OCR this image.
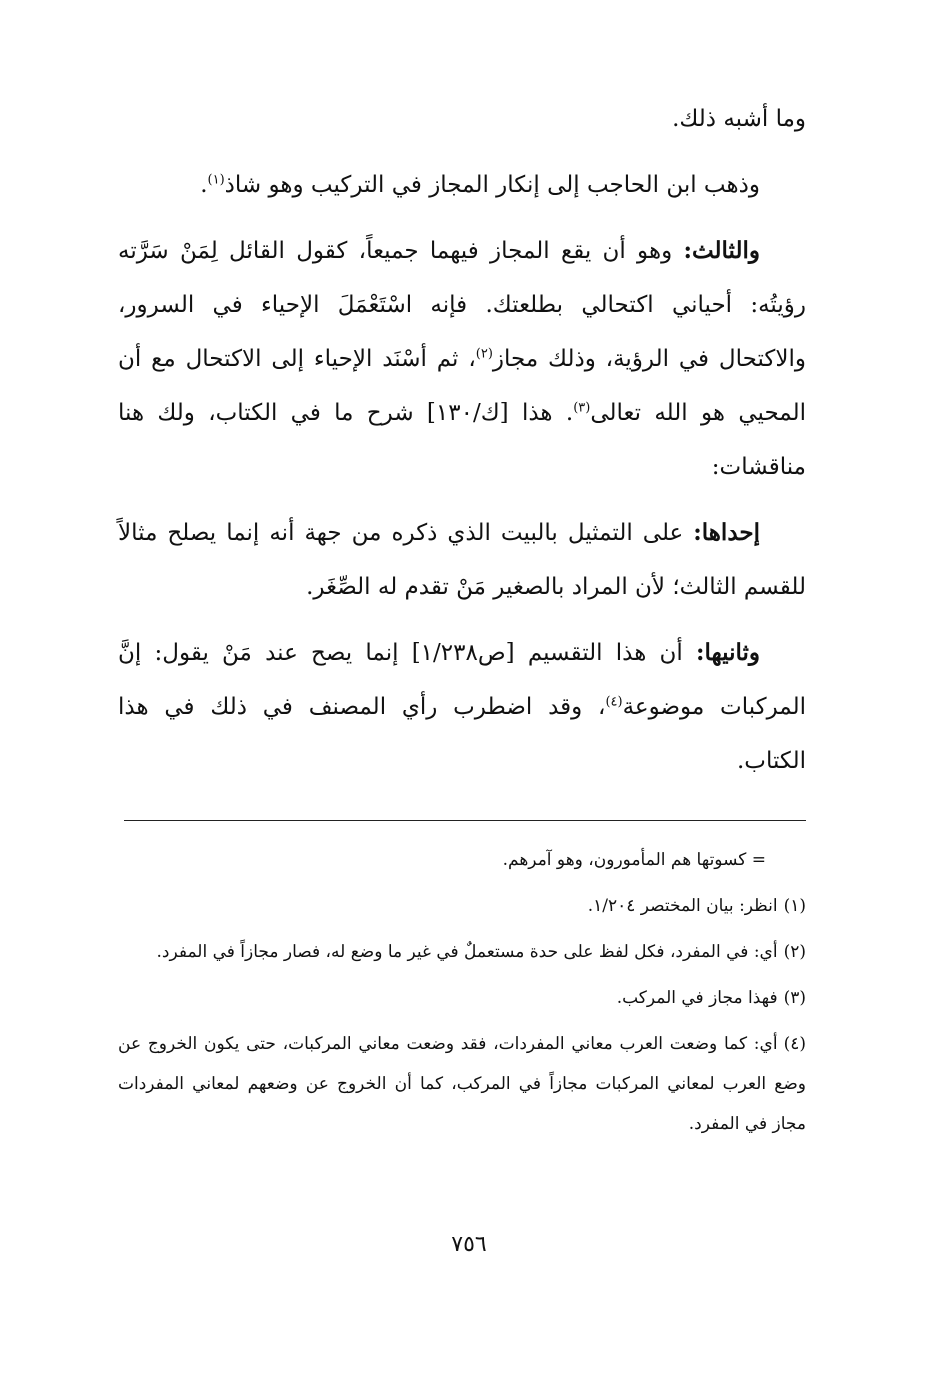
وما أشبه ذلك.

وذهب ابن الحاجب إلى إنكار المجاز في التركيب وهو شاذ$^{(١)}$.

والثالث: وهو أن يقع المجاز فيهما جميعاً، كقول القائل لِمَنْ سَرَّته رؤيتُه: أحياني اكتحالي بطلعتك. فإنه اسْتَعْمَلَ الإحياء في السرور، والاكتحال في الرؤية، وذلك مجاز$^{(٢)}$، ثم أسْنَد الإحياء إلى الاكتحال مع أن المحيي هو الله تعالى$^{(٣)}$. هذا [ك/١٣٠] شرح ما في الكتاب، ولك هنا مناقشات:

إحداها: على التمثيل بالبيت الذي ذكره من جهة أنه إنما يصلح مثالاً للقسم الثالث؛ لأن المراد بالصغير مَنْ تقدم له الصِّغَر.

وثانيها: أن هذا التقسيم [ص١/٢٣٨] إنما يصح عند مَنْ يقول: إنَّ المركبات موضوعة$^{(٤)}$، وقد اضطرب رأي المصنف في ذلك في هذا الكتاب.

= كسوتها هم المأمورون، وهو آمرهم.
(١)انظر: بيان المختصر ١/٢٠٤.
(٢)أي: في المفرد، فكل لفظ على حدة مستعملٌ في غير ما وضع له، فصار مجازاً في المفرد.
(٣)فهذا مجاز في المركب.
(٤)أي: كما وضعت العرب معاني المفردات، فقد وضعت معاني المركبات، حتى يكون الخروج عن وضع العرب لمعاني المركبات مجازاً في المركب، كما أن الخروج عن وضعهم لمعاني المفردات مجاز في المفرد.
٧٥٦
